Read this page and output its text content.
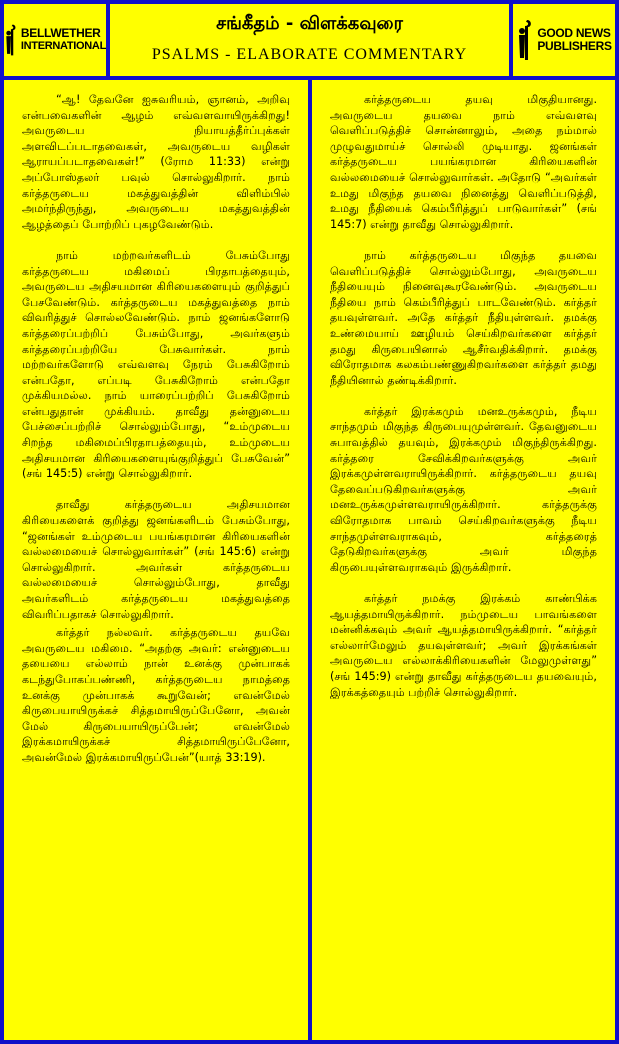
BELLWETHER
INTERNATIONAL
சங்கீதம் - விளக்கவுரை
PSALMS - ELABORATE COMMENTARY
GOOD NEWS
PUBLISHERS

“ஆ! தேவனே ஐசுவரியம், ஞானம், அறிவு என்பவைகளின் ஆழம் எவ்வளவாயிருக்கிறது! அவருடைய நியாயத்தீர்ப்புக்கள் அளவிடப்படாதவைகள், அவருடைய வழிகள் ஆராயப்படாதவைகள்!” (ரோம 11:33) என்று அப்போஸ்தலர் பவுல் சொல்லுகிறார். நாம் கர்த்தருடைய மகத்துவத்தின் விளிம்பில் அமர்ந்திருந்து, அவருடைய மகத்துவத்தின் ஆழத்தைப் போற்றிப் புகழவேண்டும்.

நாம் மற்றவர்களிடம் பேசும்போது கர்த்தருடைய மகிமைப் பிரதாபத்தையும், அவருடைய அதிசயமான கிரியைகளையும் குறித்துப் பேசவேண்டும். கர்த்தருடைய மகத்துவத்தை நாம் விவரித்துச் சொல்லவேண்டும். நாம் ஜனங்களோடு கர்த்தரைப்பற்றிப் பேசும்போது, அவர்களும் கர்த்தரைப்பற்றியே பேசுவார்கள். நாம் மற்றவர்களோடு எவ்வளவு நேரம் பேசுகிறோம் என்பதோ, எப்படி பேசுகிறோம் என்பதோ முக்கியமல்ல. நாம் யாரைப்பற்றிப் பேசுகிறோம் என்பதுதான் முக்கியம். தாவீது தன்னுடைய பேச்சைப்பற்றிச் சொல்லும்போது, “உம்முடைய சிறந்த மகிமைப்பிரதாபத்தையும், உம்முடைய அதிசயமான கிரியைகளையுங்குறித்துப் பேசுவேன்” (சங் 145:5) என்று சொல்லுகிறார்.

தாவீது கர்த்தருடைய அதிசயமான கிரியைகளைக் குறித்து ஜனங்களிடம் பேசும்போது, “ஜனங்கள் உம்முடைய பயங்கரமான கிரியைகளின் வல்லமையைச் சொல்லுவார்கள்” (சங் 145:6) என்று சொல்லுகிறார். அவர்கள் கர்த்தருடைய வல்லமையைச் சொல்லும்போது, தாவீது அவர்களிடம் கர்த்தருடைய மகத்துவத்தை விவரிப்பதாகச் சொல்லுகிறார்.

கர்த்தர் நல்லவர். கர்த்தருடைய தயவே அவருடைய மகிமை. “அதற்கு அவர்: என்னுடைய தயையை எல்லாம் நான் உனக்கு முன்பாகக் கடந்துபோகப்பண்ணி, கர்த்தருடைய நாமத்தை உனக்கு முன்பாகக் கூறுவேன்; எவன்மேல் கிருபையாயிருக்கச் சித்தமாயிருப்பேனோ, அவன் மேல் கிருபையாயிருப்பேன்; எவன்மேல் இரக்கமாயிருக்கச் சித்தமாயிருப்பேனோ, அவன்மேல் இரக்கமாயிருப்பேன்”(யாத் 33:19).

கர்த்தருடைய தயவு மிகுதியானது. அவருடைய தயவை நாம் எவ்வளவு வெளிப்படுத்திச் சொன்னாலும், அதை நம்மால் முழுவதுமாய்ச் சொல்லி முடியாது. ஜனங்கள் கர்த்தருடைய பயங்கரமான கிரியைகளின் வல்லமையைச் சொல்லுவார்கள். அதோடு “அவர்கள் உமது மிகுந்த தயவை நினைத்து வெளிப்படுத்தி, உமது நீதியைக் கெம்பீரித்துப் பாடுவார்கள்” (சங் 145:7) என்று தாவீது சொல்லுகிறார்.

நாம் கர்த்தருடைய மிகுந்த தயவை வெளிப்படுத்திச் சொல்லும்போது, அவருடைய நீதியையும் நினைவுகூரவேண்டும். அவருடைய நீதியை நாம் கெம்பீரித்துப் பாடவேண்டும். கர்த்தர் தயவுள்ளவர். அதே கர்த்தர் நீதியுள்ளவர். தமக்கு உண்மையாய் ஊழியம் செய்கிறவர்களை கர்த்தர் தமது கிருபையினால் ஆசீர்வதிக்கிறார். தமக்கு விரோதமாக கலகம்பண்ணுகிறவர்களை கர்த்தர் தமது நீதியினால் தண்டிக்கிறார்.

கர்த்தர் இரக்கமும் மனஉருக்கமும், நீடிய சாந்தமும் மிகுந்த கிருபையுமுள்ளவர். தேவனுடைய சுபாவத்தில் தயவும், இரக்கமும் மிகுந்திருக்கிறது. கர்த்தரை சேவிக்கிறவர்களுக்கு அவர் இரக்கமுள்ளவராயிருக்கிறார். கர்த்தருடைய தயவு தேவைப்படுகிறவர்களுக்கு அவர் மனஉருக்கமுள்ளவராயிருக்கிறார். கர்த்தருக்கு விரோதமாக பாவம் செய்கிறவர்களுக்கு நீடிய சாந்தமுள்ளவராகவும், கர்த்தரைத் தேடுகிறவர்களுக்கு அவர் மிகுந்த கிருபையுள்ளவராகவும் இருக்கிறார்.

கர்த்தர் நமக்கு இரக்கம் காண்பிக்க ஆயத்தமாயிருக்கிறார். நம்முடைய பாவங்களை மன்னிக்கவும் அவர் ஆயத்தமாயிருக்கிறார். “கர்த்தர் எல்லார்மேலும் தயவுள்ளவர்; அவர் இரக்கங்கள் அவருடைய எல்லாக்கிரியைகளின் மேலுமுள்ளது” (சங் 145:9) என்று தாவீது கர்த்தருடைய தயவையும், இரக்கத்தையும் பற்றிச் சொல்லுகிறார்.
